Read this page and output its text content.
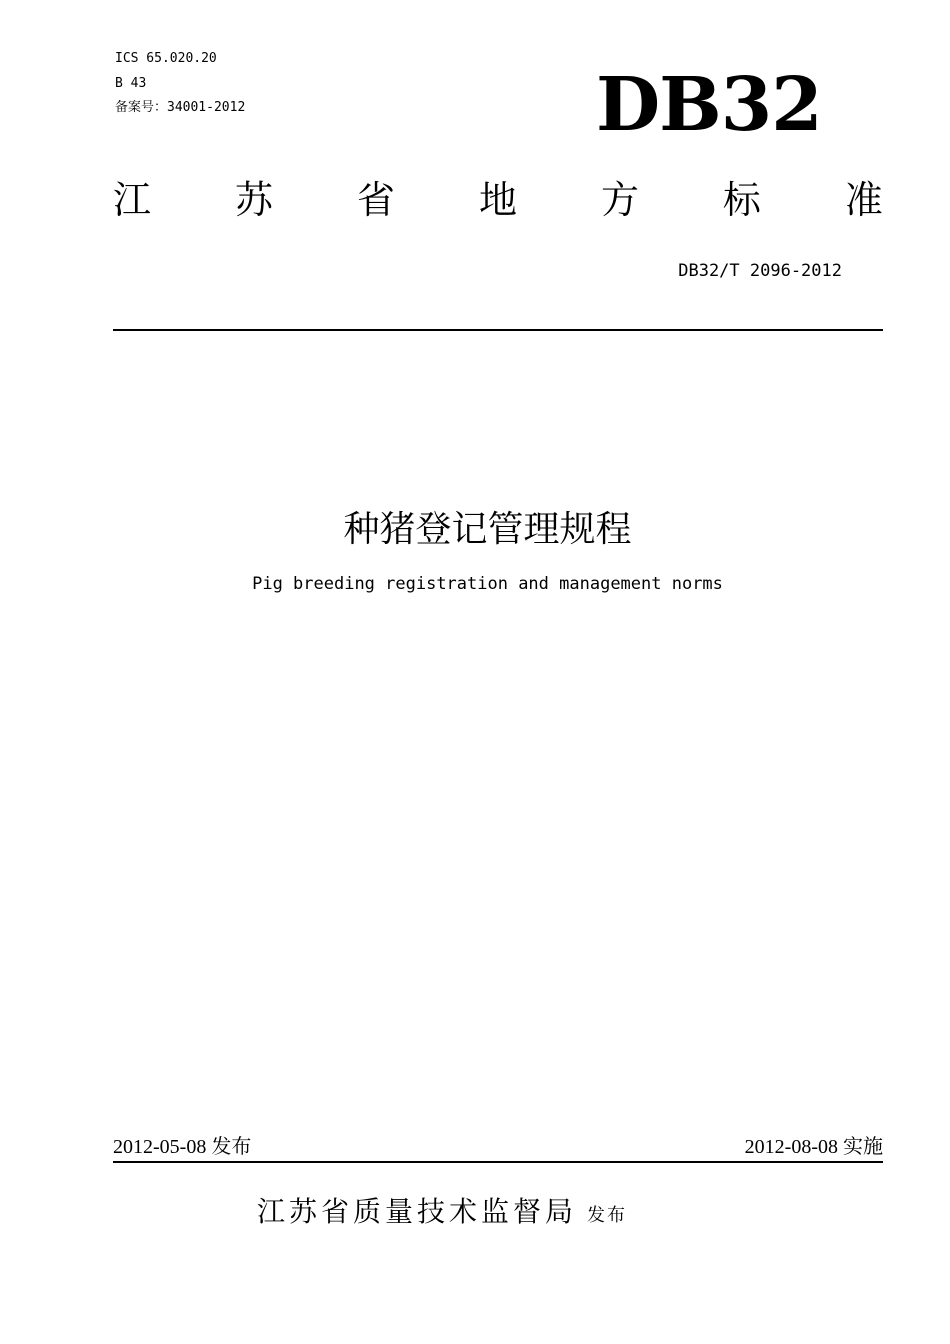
ICS 65.020.20
B 43
备案号：34001-2012	DB32
江 苏 省 地 方 标 准
DB32/T 2096-2012
种猪登记管理规程
Pig breeding registration and management norms
2012-05-08 发布	2012-08-08 实施
江苏省质量技术监督局 发布
